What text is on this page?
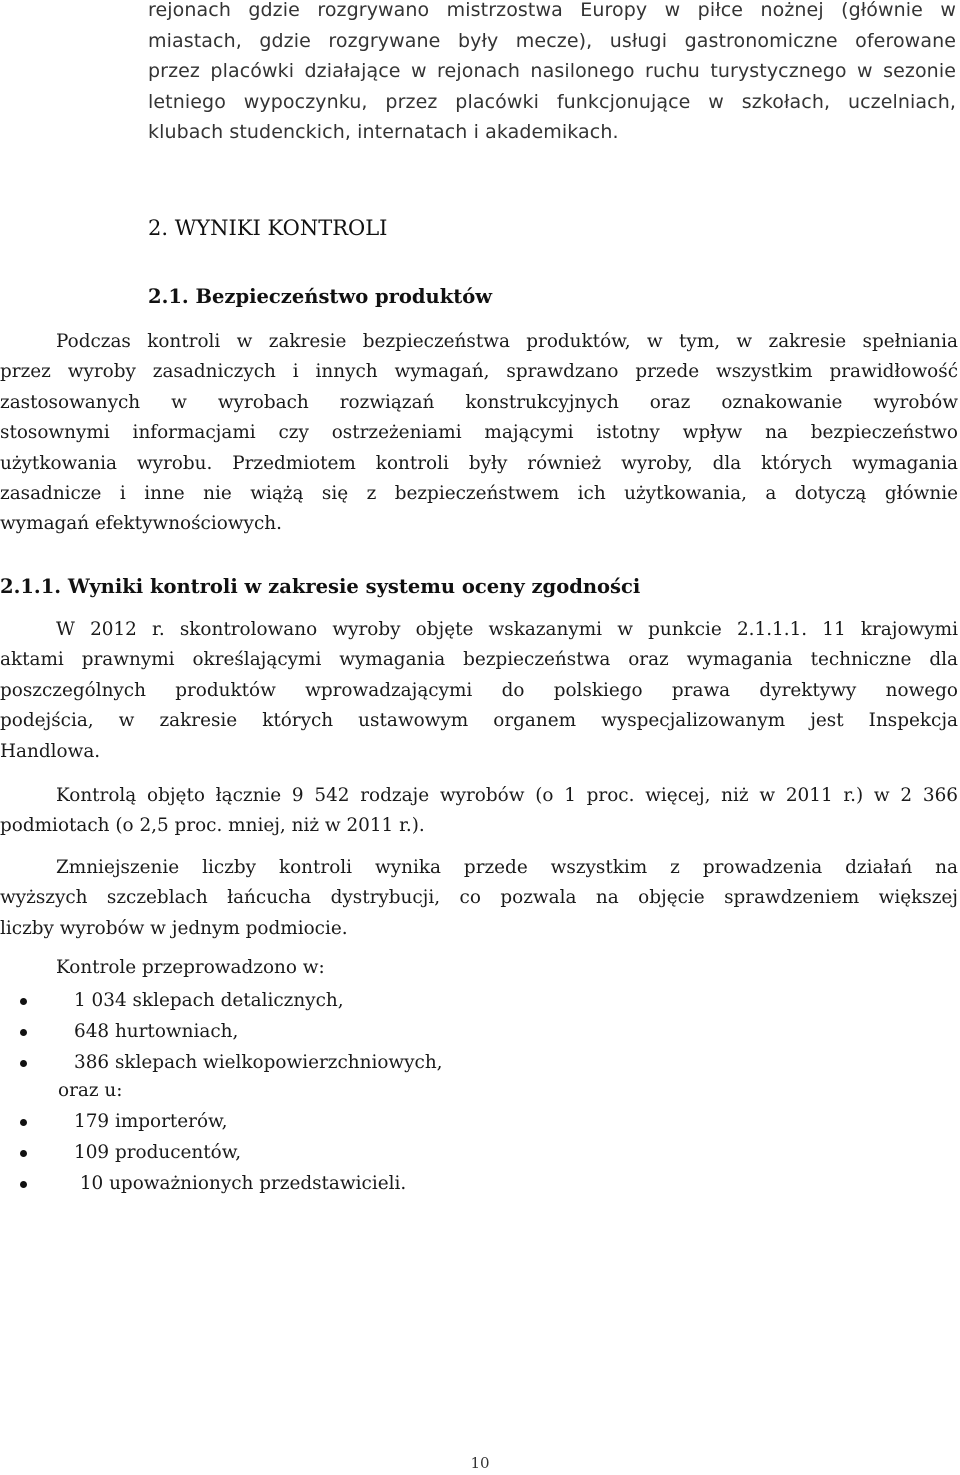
rejonach gdzie rozgrywano mistrzostwa Europy w piłce nożnej (głównie w
miastach, gdzie rozgrywane były mecze), usługi gastronomiczne oferowane
przez placówki działające w rejonach nasilonego ruchu turystycznego w sezonie
letniego wypoczynku, przez placówki funkcjonujące w szkołach, uczelniach,
klubach studenckich, internatach i akademikach.
2. WYNIKI KONTROLI
2.1. Bezpieczeństwo produktów
Podczas kontroli w zakresie bezpieczeństwa produktów, w tym, w zakresie spełniania
przez wyroby zasadniczych i innych wymagań, sprawdzano przede wszystkim prawidłowość
zastosowanych w wyrobach rozwiązań konstrukcyjnych oraz oznakowanie wyrobów
stosownymi informacjami czy ostrzeżeniami mającymi istotny wpływ na bezpieczeństwo
użytkowania wyrobu. Przedmiotem kontroli były również wyroby, dla których wymagania
zasadnicze i inne nie wiążą się z bezpieczeństwem ich użytkowania, a dotyczą głównie
wymagań efektywnościowych.
2.1.1. Wyniki kontroli w zakresie systemu oceny zgodności
W 2012 r. skontrolowano wyroby objęte wskazanymi w punkcie 2.1.1.1. 11 krajowymi
aktami prawnymi określającymi wymagania bezpieczeństwa oraz wymagania techniczne dla
poszczególnych produktów wprowadzającymi do polskiego prawa dyrektywy nowego
podejścia, w zakresie których ustawowym organem wyspecjalizowanym jest Inspekcja
Handlowa.
Kontrolą objęto łącznie 9 542 rodzaje wyrobów (o 1 proc. więcej, niż w 2011 r.) w 2 366
podmiotach (o 2,5 proc. mniej, niż w 2011 r.).
Zmniejszenie liczby kontroli wynika przede wszystkim z prowadzenia działań na
wyższych szczeblach łańcucha dystrybucji, co pozwala na objęcie sprawdzeniem większej
liczby wyrobów w jednym podmiocie.

Kontrole przeprowadzono w:

1 034 sklepach detalicznych,
648 hurtowniach,
386 sklepach wielkopowierzchniowych,

oraz u:

179 importerów,
109 producentów,
10 upoważnionych przedstawicieli.
10
